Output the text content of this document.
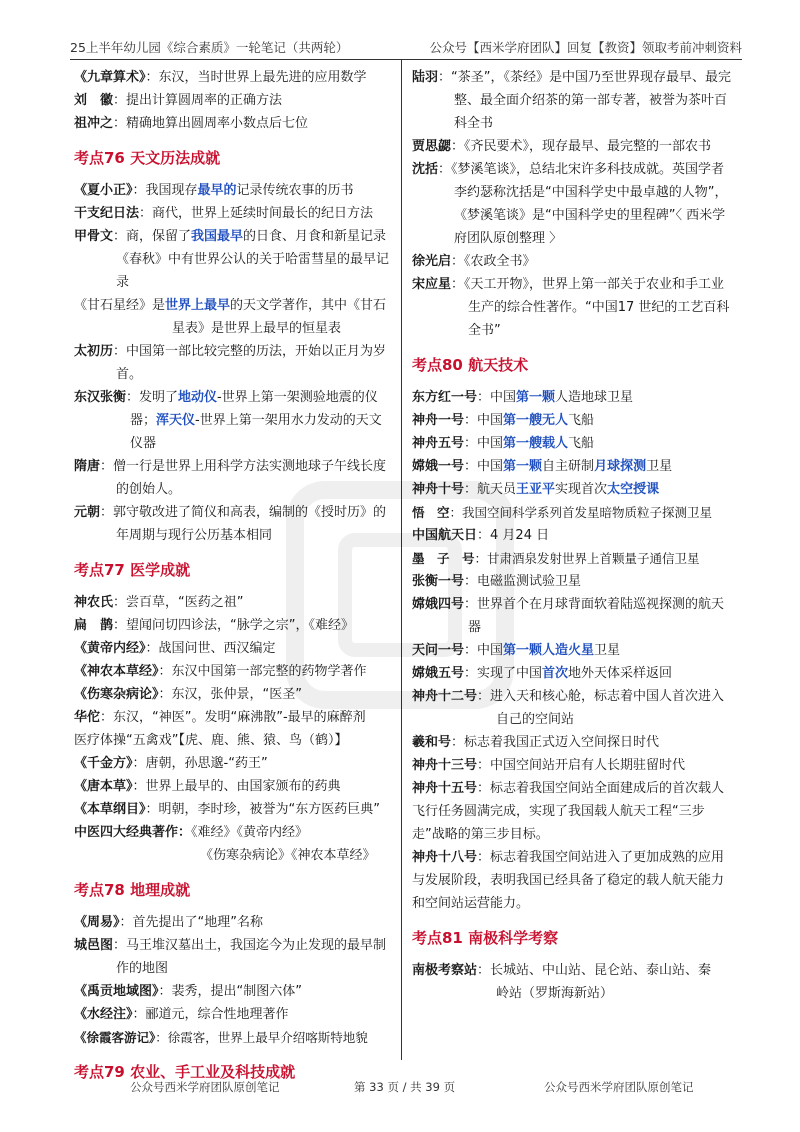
25上半年幼儿园《综合素质》一轮笔记（共两轮）	公众号【西米学府团队】回复【教资】领取考前冲刺资料
《九章算术》：东汉，当时世界上最先进的应用数学
刘　徽：提出计算圆周率的正确方法
祖冲之：精确地算出圆周率小数点后七位
考点76 天文历法成就
《夏小正》：我国现存最早的记录传统农事的历书
干支纪日法：商代，世界上延续时间最长的纪日方法
甲骨文：商，保留了我国最早的日食、月食和新星记录《春秋》中有世界公认的关于哈雷彗星的最早记录
《甘石星经》是世界上最早的天文学著作，其中《甘石星表》是世界上最早的恒星表
太初历：中国第一部比较完整的历法，开始以正月为岁首。
东汉张衡：发明了地动仪-世界上第一架测验地震的仪器；浑天仪-世界上第一架用水力发动的天文仪器
隋唐：僧一行是世界上用科学方法实测地球子午线长度的创始人。
元朝：郭守敬改进了简仪和高表，编制的《授时历》的年周期与现行公历基本相同
考点77 医学成就
神农氏：尝百草，“医药之祖”
扁　鹊：望闻问切四诊法，“脉学之宗”，《难经》
《黄帝内经》：战国问世、西汉编定
《神农本草经》：东汉中国第一部完整的药物学著作
《伤寒杂病论》：东汉，张仲景，“医圣”
华佗：东汉，“神医”。发明“麻沸散”-最早的麻醉剂
医疗体操“五禽戏”【虎、鹿、熊、猿、鸟（鹤）】
《千金方》：唐朝，孙思邈-“药王”
《唐本草》：世界上最早的、由国家颁布的药典
《本草纲目》：明朝，李时珍，被誉为“东方医药巨典”
中医四大经典著作：《难经》《黄帝内经》
《伤寒杂病论》《神农本草经》
考点78 地理成就
《周易》：首先提出了“地理”名称
城邑图：马王堆汉墓出土，我国迄今为止发现的最早制作的地图
《禹贡地域图》：裴秀，提出“制图六体”
《水经注》：郦道元，综合性地理著作
《徐霞客游记》：徐霞客，世界上最早介绍喀斯特地貌
考点79 农业、手工业及科技成就
陆羽：“茶圣”，《茶经》是中国乃至世界现存最早、最完整、最全面介绍茶的第一部专著，被誉为茶叶百科全书
贾思勰：《齐民要术》，现存最早、最完整的一部农书
沈括：《梦溪笔谈》，总结北宋许多科技成就。英国学者李约瑟称沈括是“中国科学史中最卓越的人物”，《梦溪笔谈》是“中国科学史的里程碑”〈 西米学府团队原创整理 〉
徐光启：《农政全书》
宋应星：《天工开物》，世界上第一部关于农业和手工业生产的综合性著作。“中国17 世纪的工艺百科全书”
考点80 航天技术
东方红一号：中国第一颗人造地球卫星
神舟一号：中国第一艘无人飞船
神舟五号：中国第一艘载人飞船
嫦娥一号：中国第一颗自主研制月球探测卫星
神舟十号：航天员王亚平实现首次太空授课
悟　空：我国空间科学系列首发星暗物质粒子探测卫星
中国航天日：4 月24 日
墨　子　号：甘肃酒泉发射世界上首颗量子通信卫星
张衡一号：电磁监测试验卫星
嫦娥四号：世界首个在月球背面软着陆巡视探测的航天器
天问一号：中国第一颗人造火星卫星
嫦娥五号：实现了中国首次地外天体采样返回
神舟十二号：进入天和核心舱，标志着中国人首次进入自己的空间站
羲和号：标志着我国正式迈入空间探日时代
神舟十三号：中国空间站开启有人长期驻留时代
神舟十五号：标志着我国空间站全面建成后的首次载人飞行任务圆满完成，实现了我国载人航天工程“三步走”战略的第三步目标。
神舟十八号：标志着我国空间站进入了更加成熟的应用与发展阶段，表明我国已经具备了稳定的载人航天能力和空间站运营能力。
考点81 南极科学考察
南极考察站：长城站、中山站、昆仑站、泰山站、秦
岭站（罗斯海新站）
公众号西米学府团队原创笔记	第 33 页 / 共 39 页	公众号西米学府团队原创笔记
